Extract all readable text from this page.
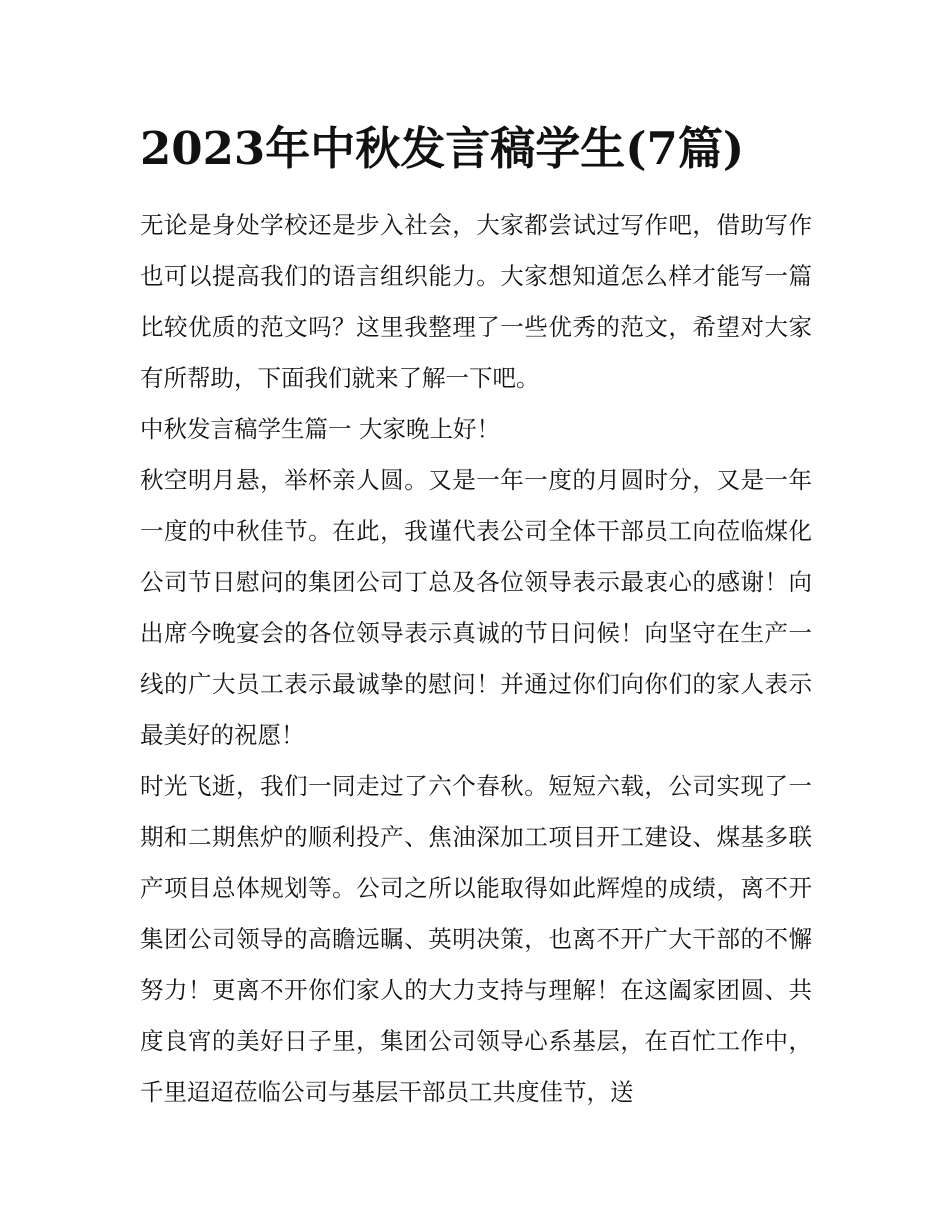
2023年中秋发言稿学生(7篇)

无论是身处学校还是步入社会，大家都尝试过写作吧，借助写作也可以提高我们的语言组织能力。大家想知道怎么样才能写一篇比较优质的范文吗？这里我整理了一些优秀的范文，希望对大家有所帮助，下面我们就来了解一下吧。

中秋发言稿学生篇一 大家晚上好！

秋空明月悬，举杯亲人圆。又是一年一度的月圆时分，又是一年一度的中秋佳节。在此，我谨代表公司全体干部员工向莅临煤化公司节日慰问的集团公司丁总及各位领导表示最衷心的感谢！向出席今晚宴会的各位领导表示真诚的节日问候！向坚守在生产一线的广大员工表示最诚挚的慰问！并通过你们向你们的家人表示最美好的祝愿！

时光飞逝，我们一同走过了六个春秋。短短六载，公司实现了一期和二期焦炉的顺利投产、焦油深加工项目开工建设、煤基多联产项目总体规划等。公司之所以能取得如此辉煌的成绩，离不开集团公司领导的高瞻远瞩、英明决策，也离不开广大干部的不懈努力！更离不开你们家人的大力支持与理解！在这阖家团圆、共度良宵的美好日子里，集团公司领导心系基层，在百忙工作中，千里迢迢莅临公司与基层干部员工共度佳节，送
